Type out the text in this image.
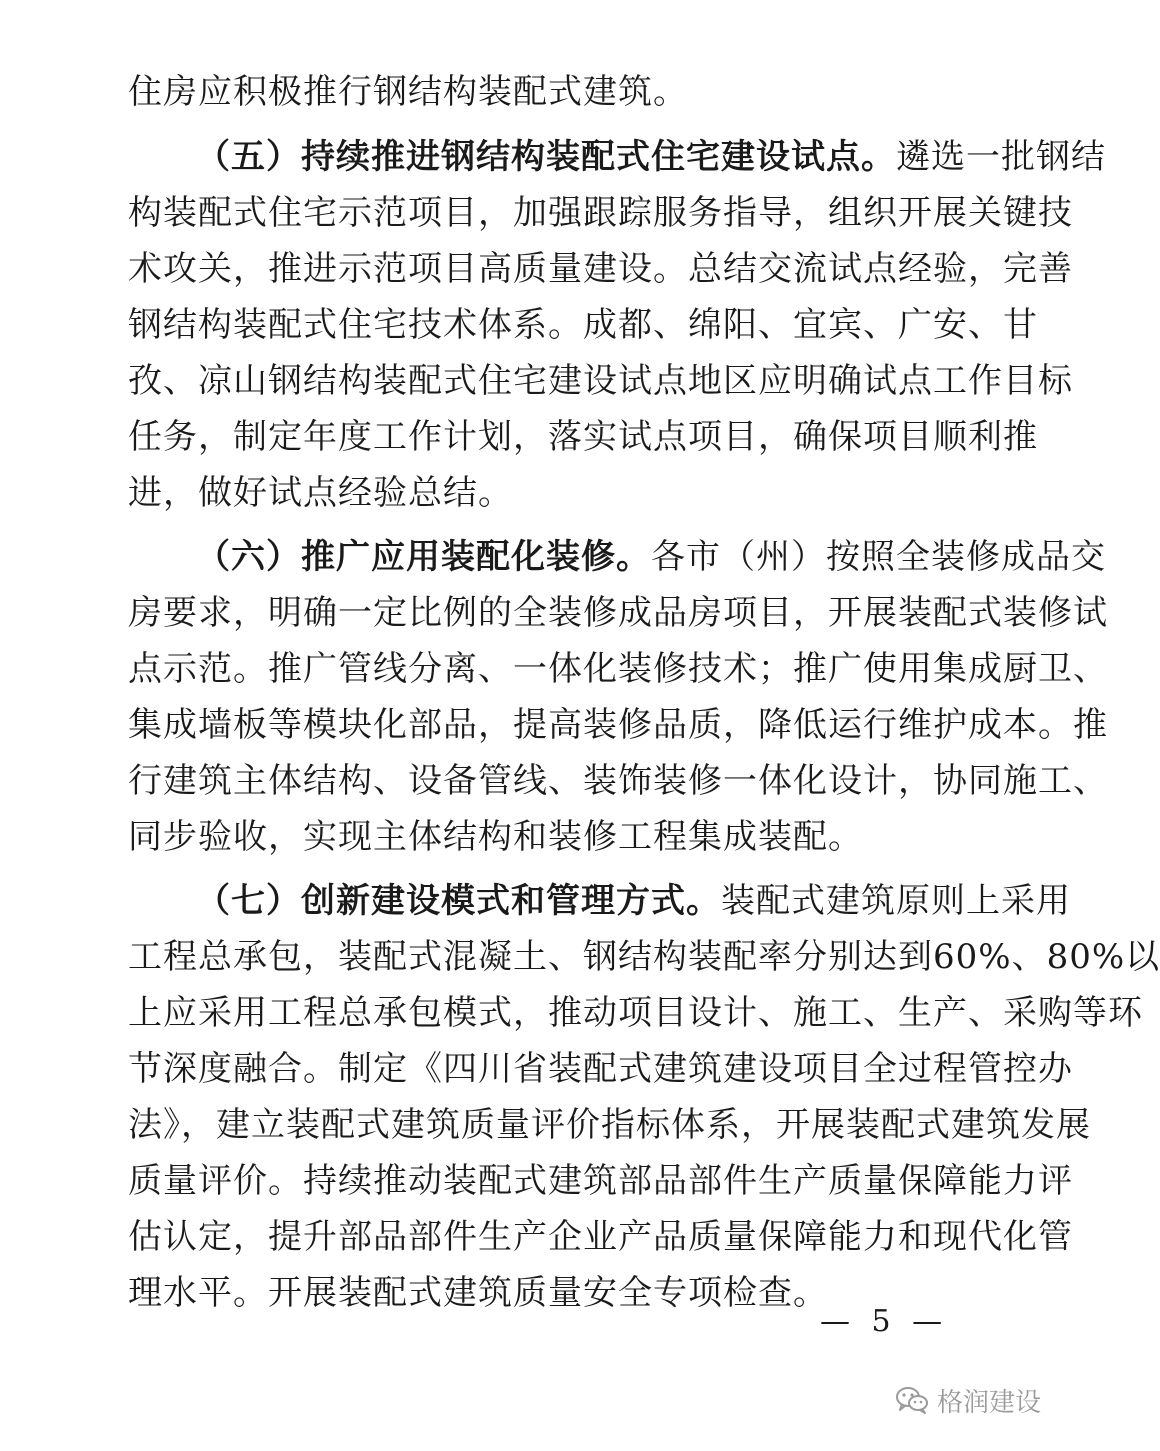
住房应积极推行钢结构装配式建筑。
（五）持续推进钢结构装配式住宅建设试点。遴选一批钢结
构装配式住宅示范项目，加强跟踪服务指导，组织开展关键技
术攻关，推进示范项目高质量建设。总结交流试点经验，完善
钢结构装配式住宅技术体系。成都、绵阳、宜宾、广安、甘
孜、凉山钢结构装配式住宅建设试点地区应明确试点工作目标
任务，制定年度工作计划，落实试点项目，确保项目顺利推
进，做好试点经验总结。
（六）推广应用装配化装修。各市（州）按照全装修成品交
房要求，明确一定比例的全装修成品房项目，开展装配式装修试
点示范。推广管线分离、一体化装修技术；推广使用集成厨卫、
集成墙板等模块化部品，提高装修品质，降低运行维护成本。推
行建筑主体结构、设备管线、装饰装修一体化设计，协同施工、
同步验收，实现主体结构和装修工程集成装配。
（七）创新建设模式和管理方式。装配式建筑原则上采用
工程总承包，装配式混凝土、钢结构装配率分别达到60%、80%以
上应采用工程总承包模式，推动项目设计、施工、生产、采购等环
节深度融合。制定《四川省装配式建筑建设项目全过程管控办
法》，建立装配式建筑质量评价指标体系，开展装配式建筑发展
质量评价。持续推动装配式建筑部品部件生产质量保障能力评
估认定，提升部品部件生产企业产品质量保障能力和现代化管
理水平。开展装配式建筑质量安全专项检查。
— 5 —
格润建设
